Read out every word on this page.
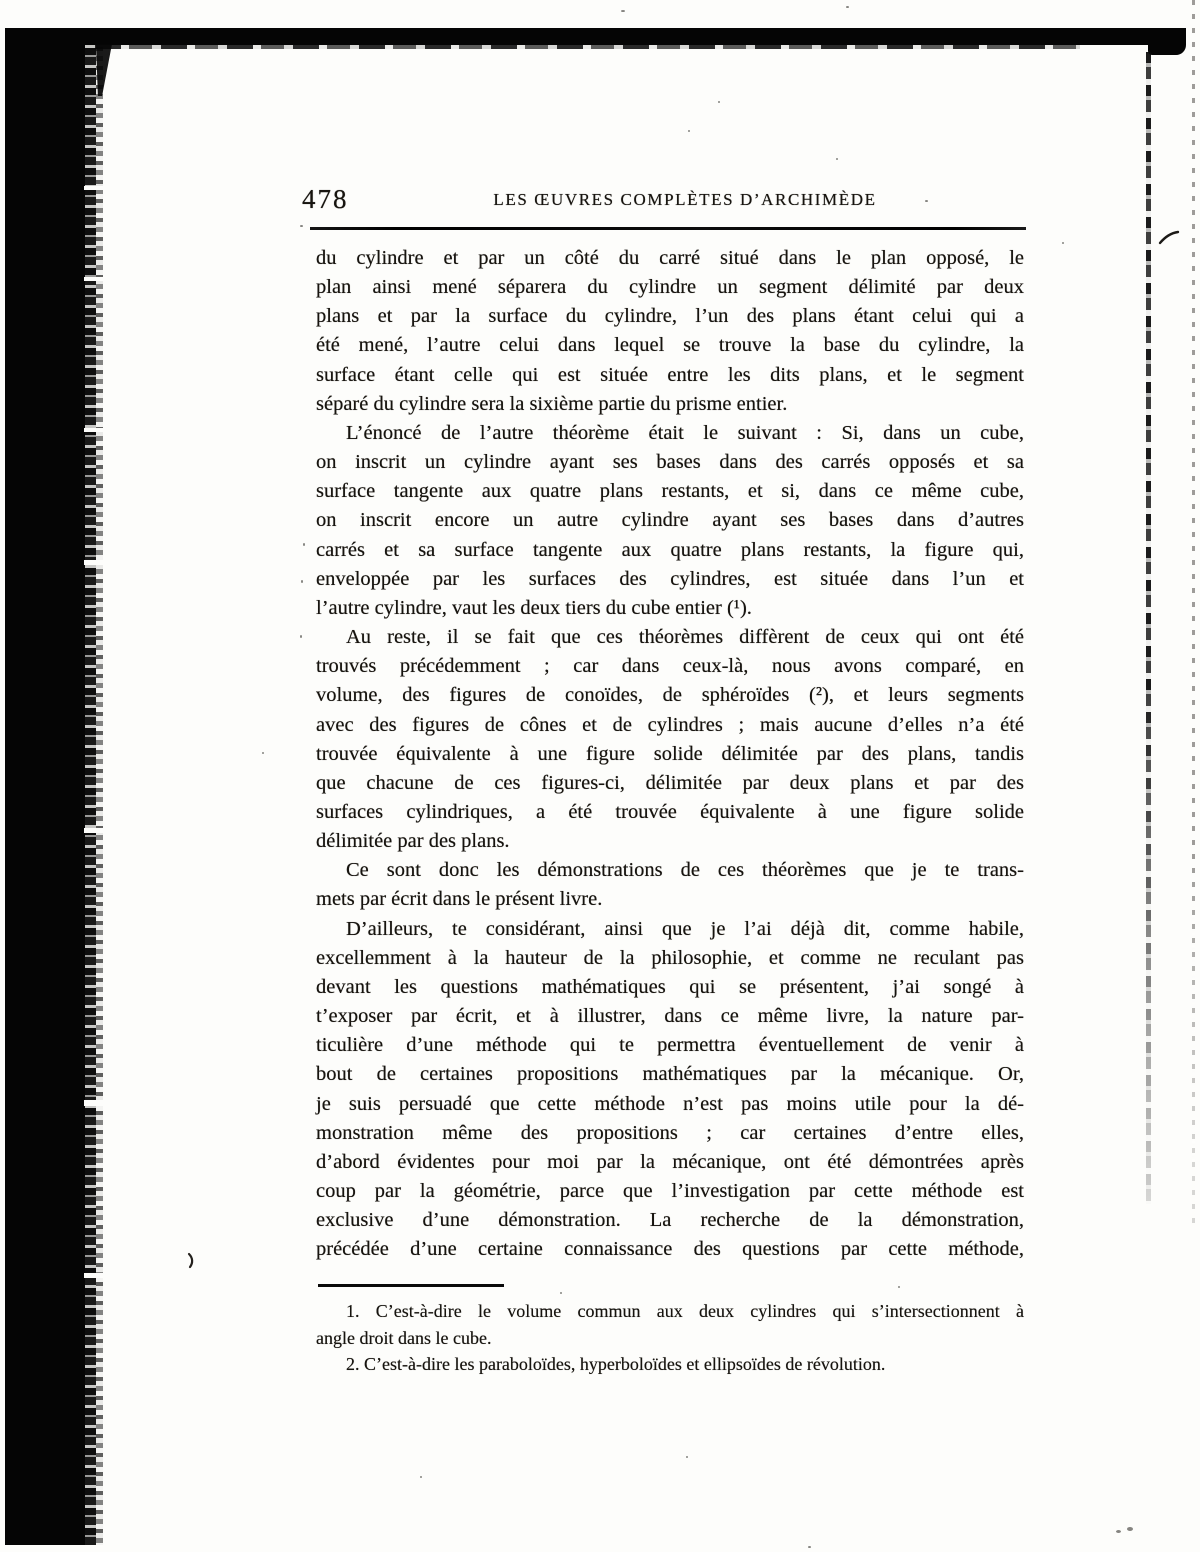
478	LES ŒUVRES COMPLÈTES D’ARCHIMÈDE
du cylindre et par un côté du carré situé dans le plan opposé, le
plan ainsi mené séparera du cylindre un segment délimité par deux
plans et par la surface du cylindre, l’un des plans étant celui qui a
été mené, l’autre celui dans lequel se trouve la base du cylindre, la
surface étant celle qui est située entre les dits plans, et le segment
séparé du cylindre sera la sixième partie du prisme entier.
L’énoncé de l’autre théorème était le suivant : Si, dans un cube,
on inscrit un cylindre ayant ses bases dans des carrés opposés et sa
surface tangente aux quatre plans restants, et si, dans ce même cube,
on inscrit encore un autre cylindre ayant ses bases dans d’autres
carrés et sa surface tangente aux quatre plans restants, la figure qui,
enveloppée par les surfaces des cylindres, est située dans l’un et
l’autre cylindre, vaut les deux tiers du cube entier (¹).
Au reste, il se fait que ces théorèmes diffèrent de ceux qui ont été
trouvés précédemment ; car dans ceux-là, nous avons comparé, en
volume, des figures de conoïdes, de sphéroïdes (²), et leurs segments
avec des figures de cônes et de cylindres ; mais aucune d’elles n’a été
trouvée équivalente à une figure solide délimitée par des plans, tandis
que chacune de ces figures-ci, délimitée par deux plans et par des
surfaces cylindriques, a été trouvée équivalente à une figure solide
délimitée par des plans.
Ce sont donc les démonstrations de ces théorèmes que je te trans-
mets par écrit dans le présent livre.
D’ailleurs, te considérant, ainsi que je l’ai déjà dit, comme habile,
excellemment à la hauteur de la philosophie, et comme ne reculant pas
devant les questions mathématiques qui se présentent, j’ai songé à
t’exposer par écrit, et à illustrer, dans ce même livre, la nature par-
ticulière d’une méthode qui te permettra éventuellement de venir à
bout de certaines propositions mathématiques par la mécanique. Or,
je suis persuadé que cette méthode n’est pas moins utile pour la dé-
monstration même des propositions ; car certaines d’entre elles,
d’abord évidentes pour moi par la mécanique, ont été démontrées après
coup par la géométrie, parce que l’investigation par cette méthode est
exclusive d’une démonstration. La recherche de la démonstration,
précédée d’une certaine connaissance des questions par cette méthode,
1. C’est-à-dire le volume commun aux deux cylindres qui s’intersectionnent à
angle droit dans le cube.
2. C’est-à-dire les paraboloïdes, hyperboloïdes et ellipsoïdes de révolution.
